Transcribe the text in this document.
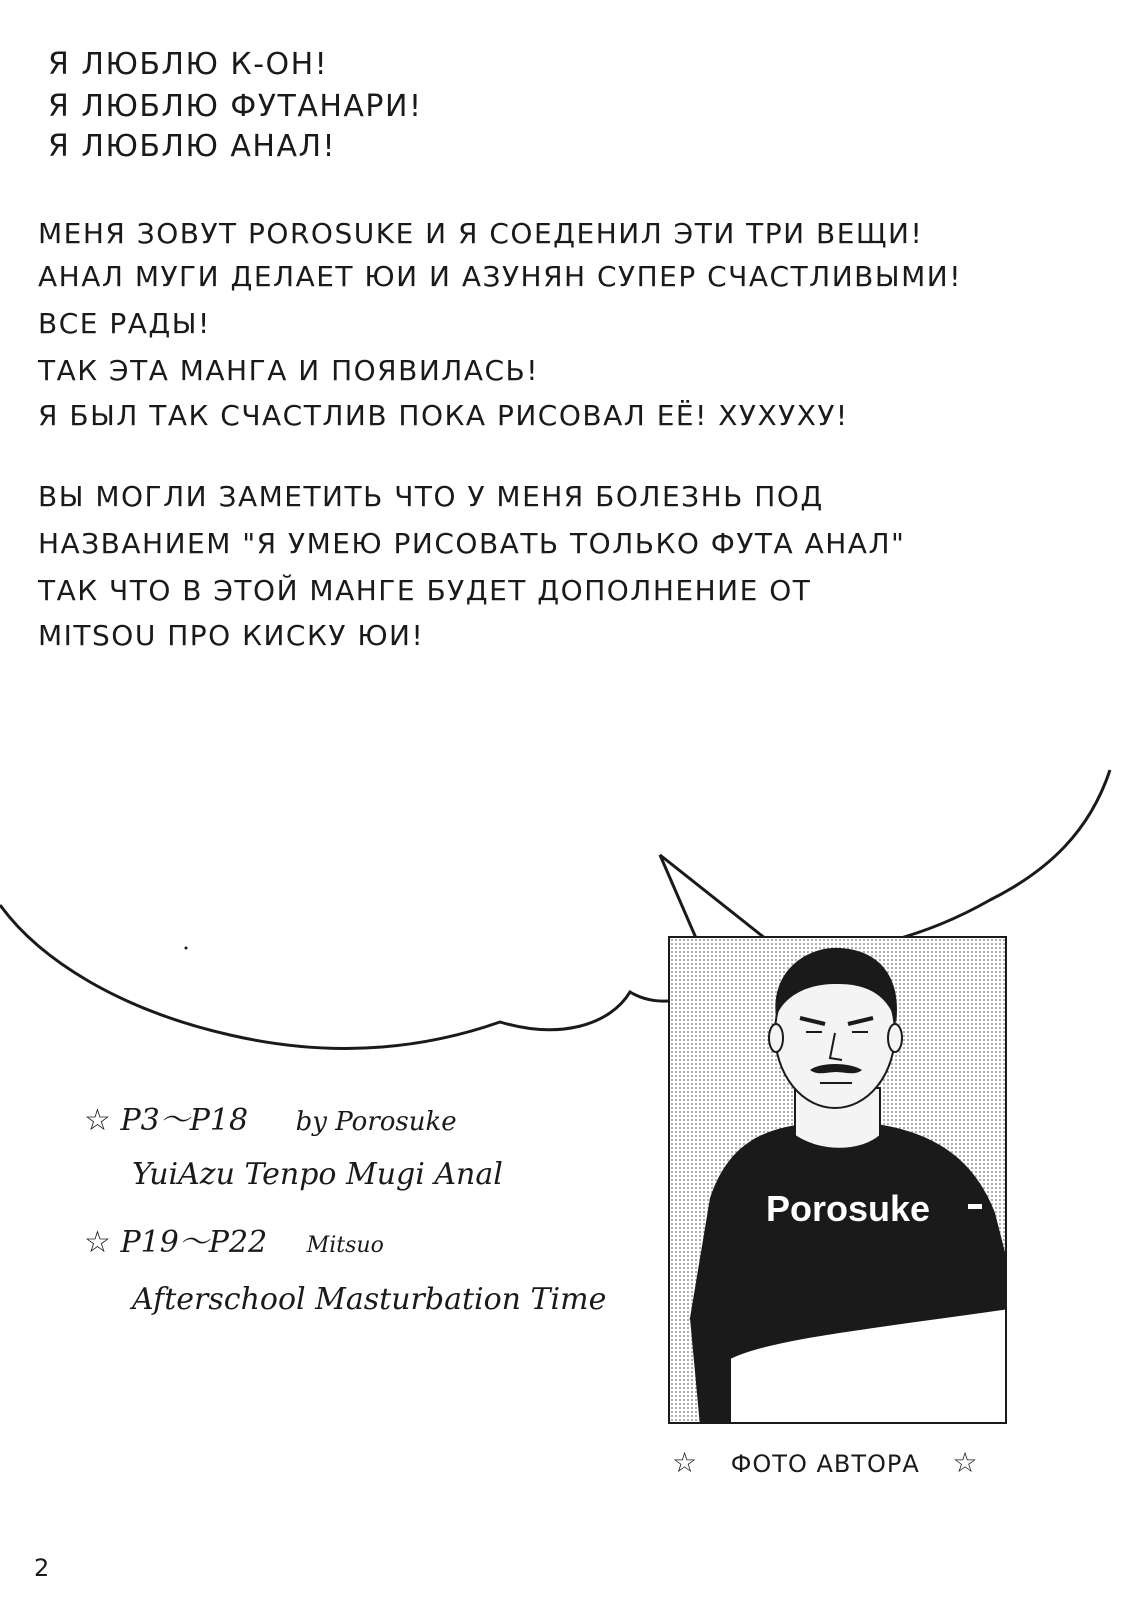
Я ЛЮБЛЮ К-ОН!
Я ЛЮБЛЮ ФУТАНАРИ!
Я ЛЮБЛЮ АНАЛ!
МЕНЯ ЗОВУТ POROSUKE И Я СОЕДЕНИЛ ЭТИ ТРИ ВЕЩИ!
АНАЛ МУГИ ДЕЛАЕТ ЮИ И АЗУНЯН СУПЕР СЧАСТЛИВЫМИ!
ВСЕ РАДЫ!
ТАК ЭТА МАНГА И ПОЯВИЛАСЬ!
Я БЫЛ ТАК СЧАСТЛИВ ПОКА РИСОВАЛ ЕЁ! ХУХУХУ!
ВЫ МОГЛИ ЗАМЕТИТЬ ЧТО У МЕНЯ БОЛЕЗНЬ ПОД
НАЗВАНИЕМ "Я УМЕЮ РИСОВАТЬ ТОЛЬКО ФУТА АНАЛ"
ТАК ЧТО В ЭТОЙ МАНГЕ БУДЕТ ДОПОЛНЕНИЕ ОТ
MITSOU ПРО КИСКУ ЮИ!
☆ P3〜P18 by Porosuke
YuiAzu Tenpo Mugi Anal
☆ P19〜P22 Mitsuo
Afterschool Masturbation Time
Porosuke
☆ ФОТО АВТОРА ☆
2
